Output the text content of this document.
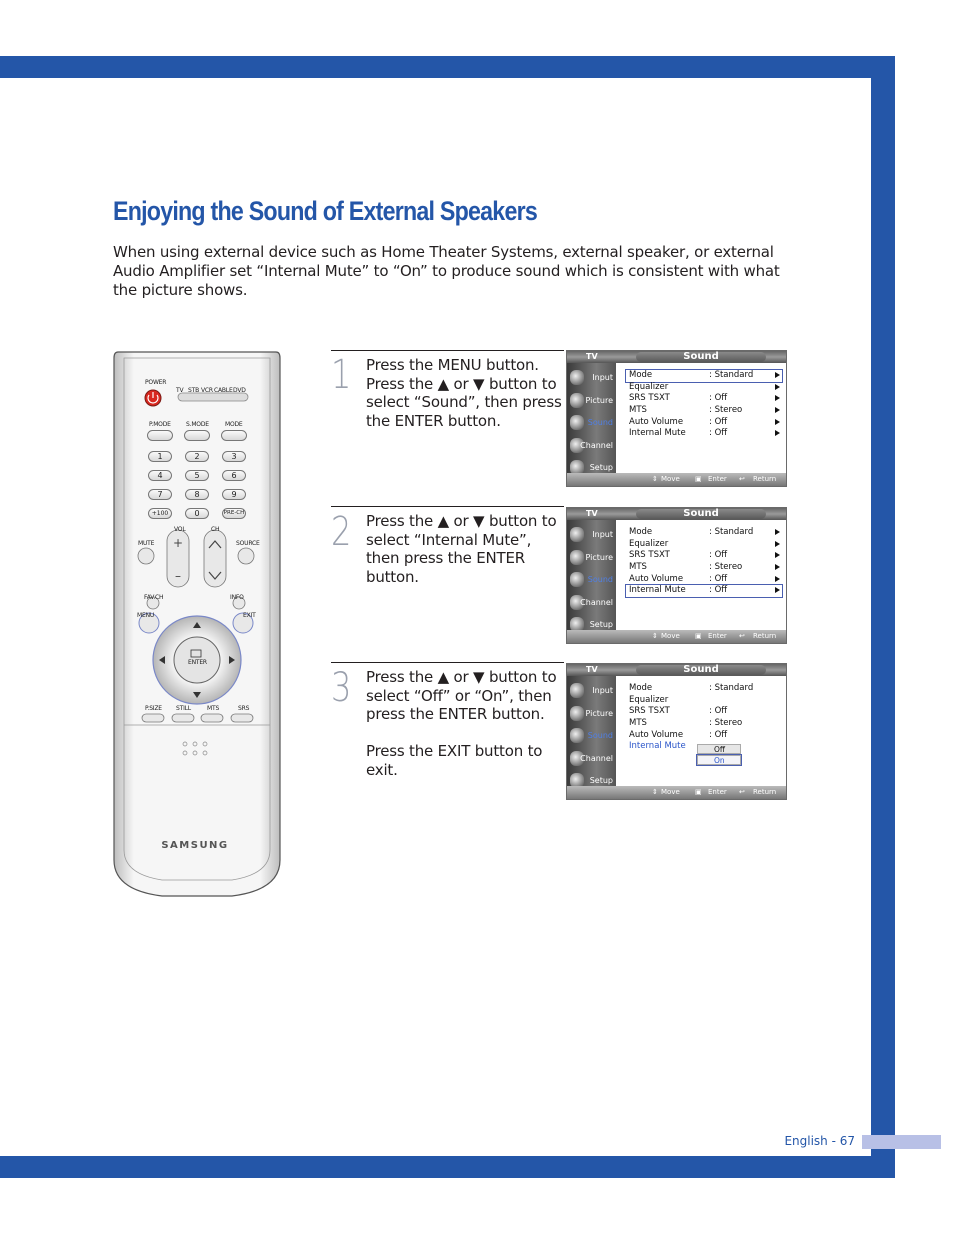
English - 67
Enjoying the Sound of External Speakers

When using external device such as Home Theater Systems, external speaker, or external Audio Amplifier set “Internal Mute” to “On” to produce sound which is consistent with what the picture shows.

+
–
SAMSUNG
POWER
TV STB VCR CABLE DVD
P.MODE	S.MODE	MODE
1	2	3
4	5	6
7	8	9
+100	0	PRE-CH
VOL	CH
MUTE	SOURCE
FAV.CH	INFO
MENU	EXIT
ENTER
P.SIZE STILL	MTS	SRS
1 Press the MENU button. Press the ▲ or ▼ button to select “Sound”, then press the ENTER button.

2 Press the ▲ or ▼ button to select “Internal Mute”, then press the ENTER button.

3 Press the ▲ or ▼ button to select “Off” or “On”, then press the ENTER button.

Press the EXIT button to exit.

TV	Sound
Input
Picture
Sound
Channel
Setup
Mode	: Standard
Equalizer
SRS TSXT	: Off
MTS	: Stereo
Auto Volume	: Off
Internal Mute	: Off
⇕ Move ▣ Enter ↩ Return
TV	Sound
Input
Picture
Sound
Channel
Setup
Mode	: Standard
Equalizer
SRS TSXT	: Off
MTS	: Stereo
Auto Volume	: Off
Internal Mute	: Off
⇕ Move ▣ Enter ↩ Return
TV	Sound
Input
Picture
Sound
Channel
Setup
Mode	: Standard
Equalizer
SRS TSXT	: Off
MTS	: Stereo
Auto Volume	: Off
Internal Mute	Off
On
⇕ Move ▣ Enter ↩ Return
